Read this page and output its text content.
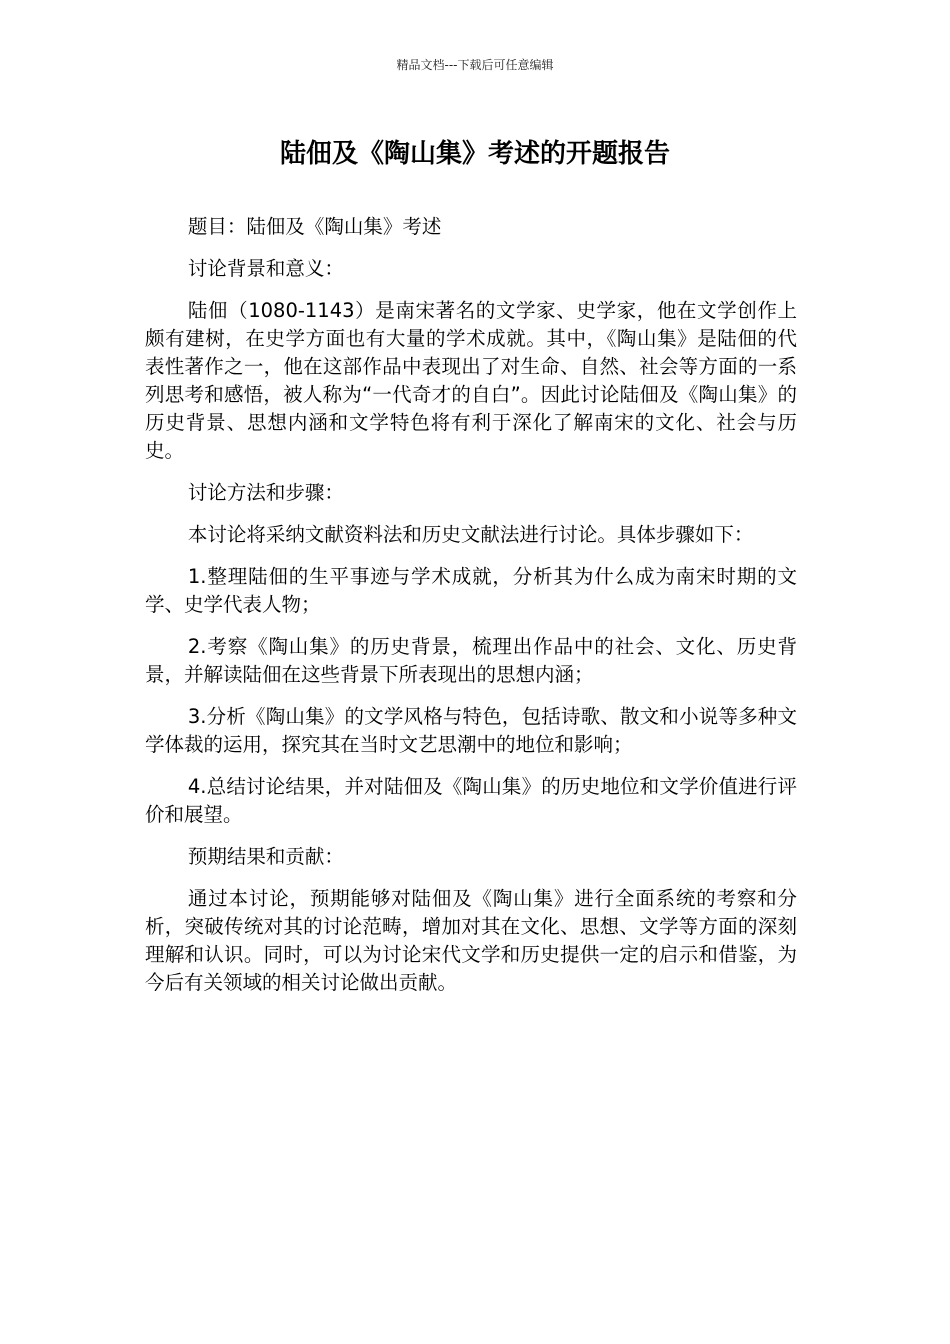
精品文档---下载后可任意编辑
陆佃及《陶山集》考述的开题报告

题目：陆佃及《陶山集》考述

讨论背景和意义：

陆佃（1080-1143）是南宋著名的文学家、史学家，他在文学创作上颇有建树，在史学方面也有大量的学术成就。其中，《陶山集》是陆佃的代表性著作之一，他在这部作品中表现出了对生命、自然、社会等方面的一系列思考和感悟，被人称为“一代奇才的自白”。因此讨论陆佃及《陶山集》的历史背景、思想内涵和文学特色将有利于深化了解南宋的文化、社会与历史。

讨论方法和步骤：

本讨论将采纳文献资料法和历史文献法进行讨论。具体步骤如下：

1.整理陆佃的生平事迹与学术成就，分析其为什么成为南宋时期的文学、史学代表人物；

2.考察《陶山集》的历史背景，梳理出作品中的社会、文化、历史背景，并解读陆佃在这些背景下所表现出的思想内涵；

3.分析《陶山集》的文学风格与特色，包括诗歌、散文和小说等多种文学体裁的运用，探究其在当时文艺思潮中的地位和影响；

4.总结讨论结果，并对陆佃及《陶山集》的历史地位和文学价值进行评价和展望。

预期结果和贡献：

通过本讨论，预期能够对陆佃及《陶山集》进行全面系统的考察和分析，突破传统对其的讨论范畴，增加对其在文化、思想、文学等方面的深刻理解和认识。同时，可以为讨论宋代文学和历史提供一定的启示和借鉴，为今后有关领域的相关讨论做出贡献。
